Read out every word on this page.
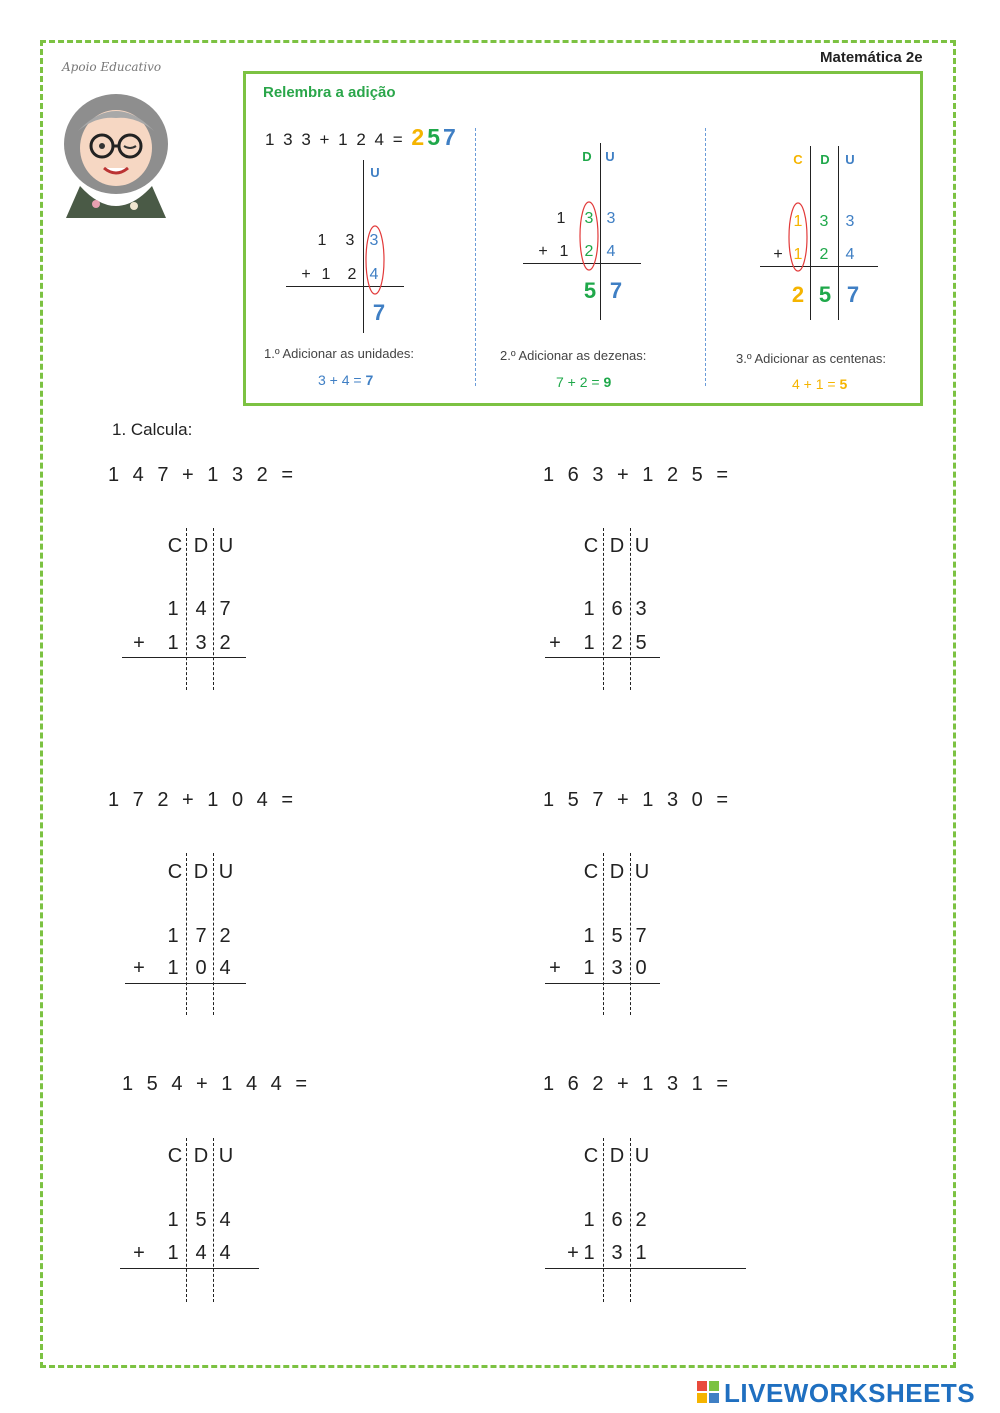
Matemática 2e
Apoio Educativo
Relembra a adição
1 3 3 + 1 2 4 = 257
U
1	3 3
+ 1	2 4
7
1.º Adicionar as unidades:
3 + 4 = 7
D	U
1	3 3
+ 1	2 4
5 7
2.º Adicionar as dezenas:
7 + 2 = 9
C	D	U
1	3	3
+ 1	2	4
2 5 7
3.º Adicionar as centenas:
4 + 1 = 5
1. Calcula:
1 4 7 + 1 3 2 =
C D U
1 4 7
+ 1 3 2
1 6 3 + 1 2 5 =
C D U
1 6 3
+ 1 2 5
1 7 2 + 1 0 4 =
C D U
1 7 2
+ 1 0 4
1 5 7 + 1 3 0 =
C D U
1 5 7
+ 1 3 0
1 5 4 + 1 4 4 =
C D U
1 5 4
+ 1 4 4
1 6 2 + 1 3 1 =
C D U
1 6 2
+ 1 3 1
LIVEWORKSHEETS
